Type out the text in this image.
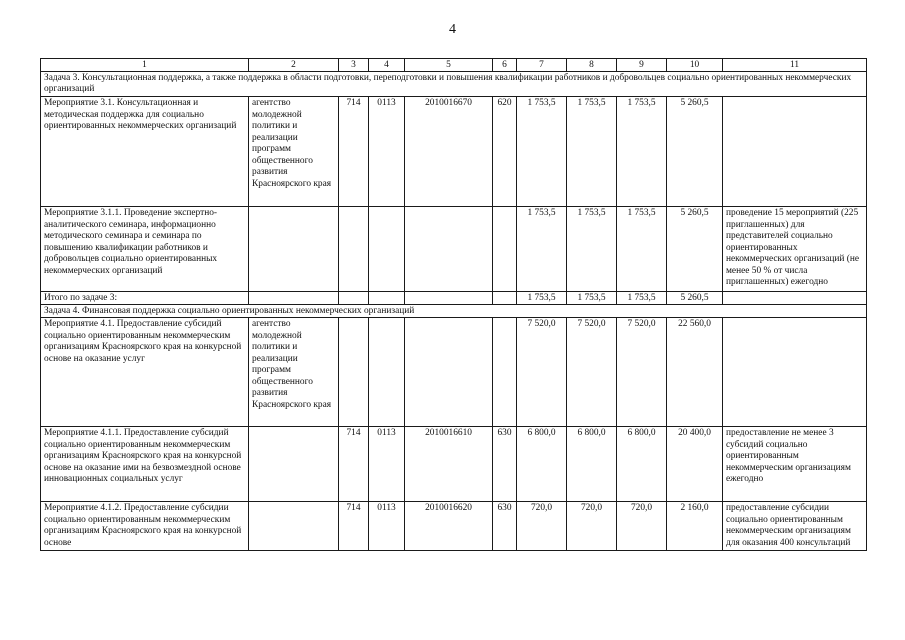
4
1	2	3	4	5	6	7	8	9	10	11
Задача 3. Консультационная поддержка, а также поддержка в области подготовки, переподготовки и повышения квалификации работников и добровольцев социально ориентированных некоммерческих организаций										
Мероприятие 3.1. Консультационная и методическая поддержка для социально ориентированных некоммерческих организаций	агентство молодежной политики и реализации программ общественного развития Красноярского края	714	0113	2010016670	620	1 753,5	1 753,5	1 753,5	5 260,5	
Мероприятие 3.1.1. Проведение экспертно-аналитического семинара, информационно методического семинара и семинара по повышению квалификации работников и добровольцев социально ориентированных некоммерческих организаций						1 753,5	1 753,5	1 753,5	5 260,5	проведение 15 мероприятий (225 приглашенных) для представителей социально ориентированных некоммерческих организаций (не менее 50 % от числа приглашенных) ежегодно
Итого по задаче 3:						1 753,5	1 753,5	1 753,5	5 260,5	
Задача 4. Финансовая поддержка социально ориентированных некоммерческих организаций										
Мероприятие 4.1. Предоставление субсидий социально ориентированным некоммерческим организациям Красноярского края на конкурсной основе на оказание услуг	агентство молодежной политики и реализации программ общественного развития Красноярского края					7 520,0	7 520,0	7 520,0	22 560,0	
Мероприятие 4.1.1. Предоставление субсидий социально ориентированным некоммерческим организациям Красноярского края на конкурсной основе на оказание ими на безвозмездной основе инновационных социальных услуг		714	0113	2010016610	630	6 800,0	6 800,0	6 800,0	20 400,0	предоставление не менее 3 субсидий социально ориентированным некоммерческим организациям ежегодно
Мероприятие 4.1.2. Предоставление субсидии социально ориентированным некоммерческим организациям Красноярского края на конкурсной основе		714	0113	2010016620	630	720,0	720,0	720,0	2 160,0	предоставление субсидии социально ориентированным некоммерческим организациям для оказания 400 консультаций
